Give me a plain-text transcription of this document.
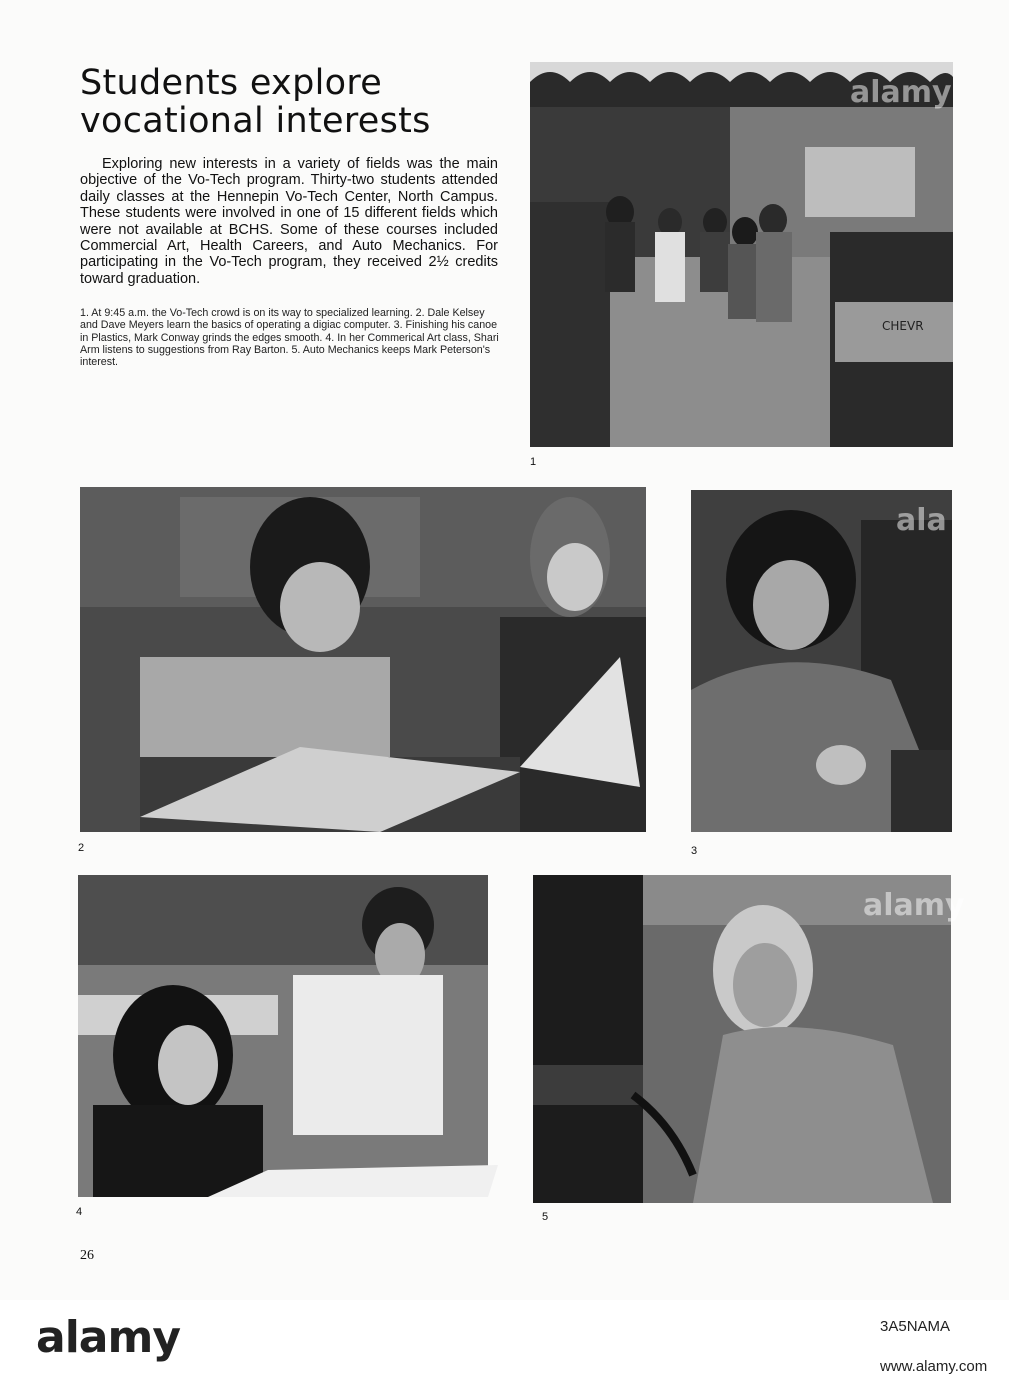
Students explore vocational interests

Exploring new interests in a variety of fields was the main objective of the Vo-Tech program. Thirty-two students attended daily classes at the Hennepin Vo-Tech Center, North Campus. These students were involved in one of 15 different fields which were not available at BCHS. Some of these courses included Commercial Art, Health Careers, and Auto Mechanics. For participating in the Vo-Tech program, they received 2½ credits toward graduation.

1. At 9:45 a.m. the Vo-Tech crowd is on its way to specialized learning. 2. Dale Kelsey and Dave Meyers learn the basics of operating a digiac computer. 3. Finishing his canoe in Plastics, Mark Conway grinds the edges smooth. 4. In her Commerical Art class, Shari Arm listens to suggestions from Ray Barton. 5. Auto Mechanics keeps Mark Peterson's interest.

CHEVR
alamy
1
2
ala
3
4
alamy
5
26
alamy	3A5NAMA
www.alamy.com
